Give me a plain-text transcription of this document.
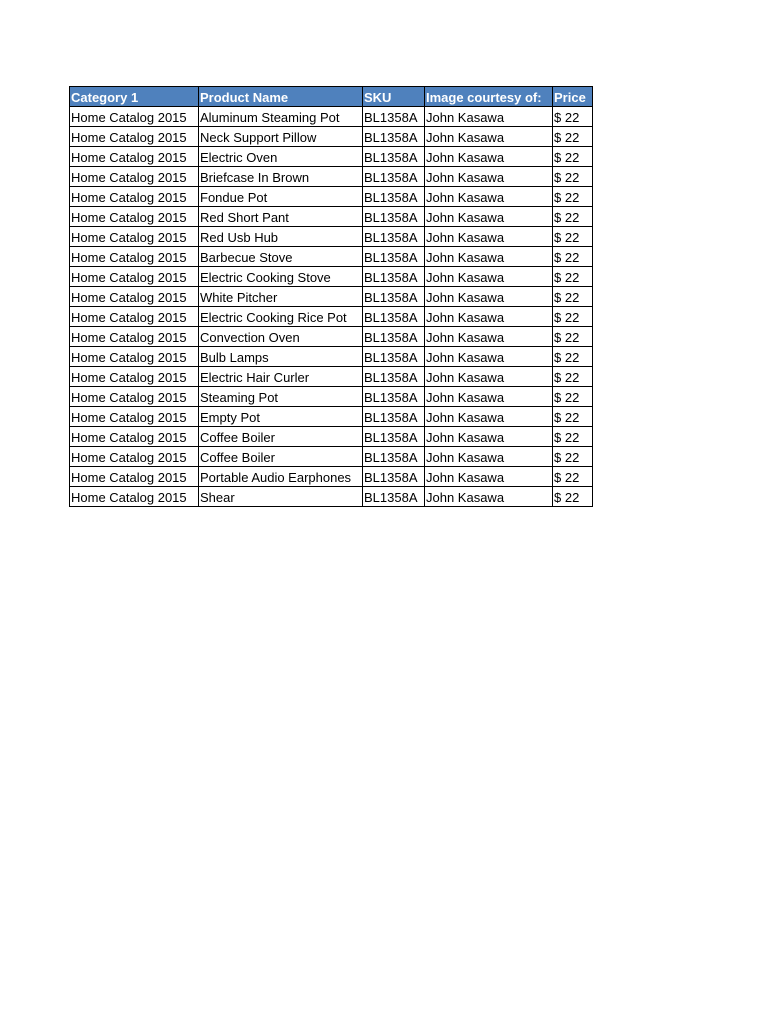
Category 1	Product Name	SKU	Image courtesy of:	Price
Home Catalog 2015	Aluminum Steaming Pot	BL1358A	John Kasawa	$ 22
Home Catalog 2015	Neck Support Pillow	BL1358A	John Kasawa	$ 22
Home Catalog 2015	Electric Oven	BL1358A	John Kasawa	$ 22
Home Catalog 2015	Briefcase In Brown	BL1358A	John Kasawa	$ 22
Home Catalog 2015	Fondue Pot	BL1358A	John Kasawa	$ 22
Home Catalog 2015	Red Short Pant	BL1358A	John Kasawa	$ 22
Home Catalog 2015	Red Usb Hub	BL1358A	John Kasawa	$ 22
Home Catalog 2015	Barbecue Stove	BL1358A	John Kasawa	$ 22
Home Catalog 2015	Electric Cooking Stove	BL1358A	John Kasawa	$ 22
Home Catalog 2015	White Pitcher	BL1358A	John Kasawa	$ 22
Home Catalog 2015	Electric Cooking Rice Pot	BL1358A	John Kasawa	$ 22
Home Catalog 2015	Convection Oven	BL1358A	John Kasawa	$ 22
Home Catalog 2015	Bulb Lamps	BL1358A	John Kasawa	$ 22
Home Catalog 2015	Electric Hair Curler	BL1358A	John Kasawa	$ 22
Home Catalog 2015	Steaming Pot	BL1358A	John Kasawa	$ 22
Home Catalog 2015	Empty Pot	BL1358A	John Kasawa	$ 22
Home Catalog 2015	Coffee Boiler	BL1358A	John Kasawa	$ 22
Home Catalog 2015	Coffee Boiler	BL1358A	John Kasawa	$ 22
Home Catalog 2015	Portable Audio Earphones	BL1358A	John Kasawa	$ 22
Home Catalog 2015	Shear	BL1358A	John Kasawa	$ 22
